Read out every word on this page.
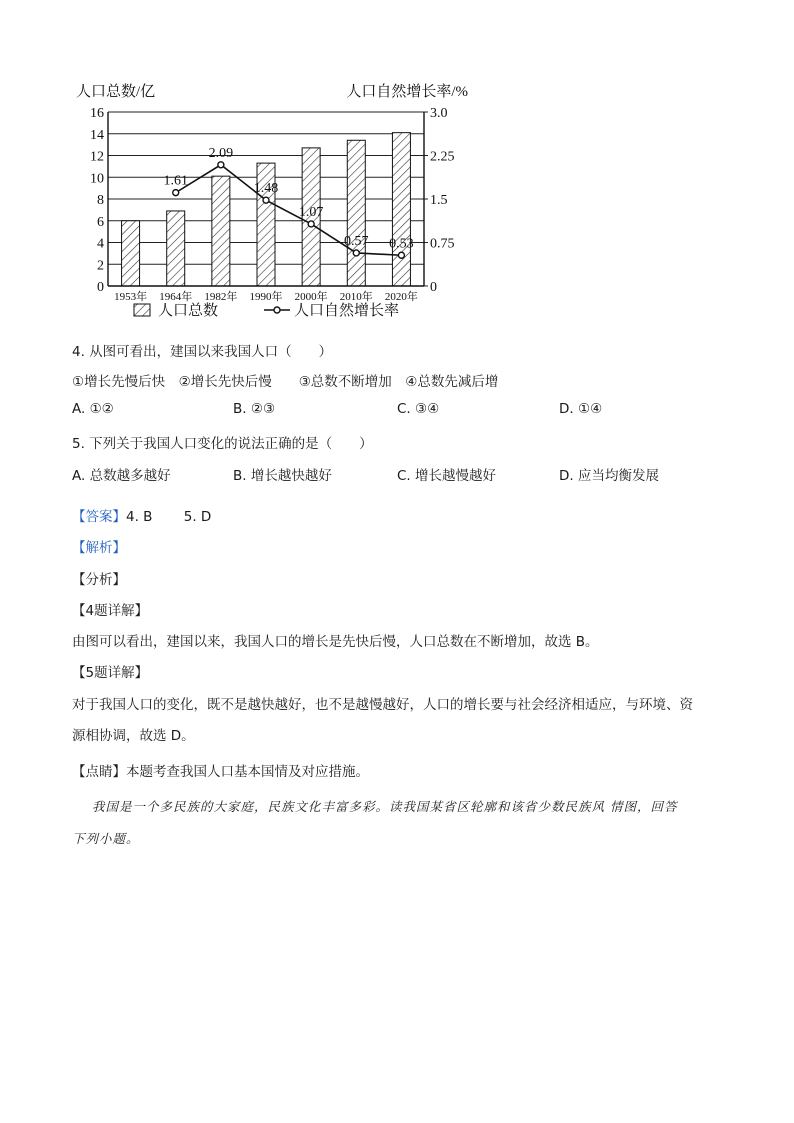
0
2
4
6
8
10
12
14
16
0
0.75
1.5
2.25
3.0
人口总数/亿	人口自然增长率/%
1953年 1964年 1982年 1990年 2000年 2010年 2020年
1.61
2.09
1.48
1.07
0.57 0.53
人口总数	人口自然增长率
4. 从图可看出，建国以来我国人口（　　）
①增长先慢后快　②增长先快后慢　　③总数不断增加　④总数先减后增
A. ①②	B. ②③	C. ③④	D. ①④
5. 下列关于我国人口变化的说法正确的是（　　）
A. 总数越多越好	B. 增长越快越好	C. 增长越慢越好	D. 应当均衡发展
【答案】4. B　　 5. D
【解析】
【分析】
【4题详解】
由图可以看出，建国以来，我国人口的增长是先快后慢，人口总数在不断增加，故选 B。
【5题详解】
对于我国人口的变化，既不是越快越好，也不是越慢越好，人口的增长要与社会经济相适应，与环境、资
源相协调，故选 D。
【点睛】本题考查我国人口基本国情及对应措施。
我国是一个多民族的大家庭，民族文化丰富多彩。读我国某省区轮廓和该省少数民族风 情图，回答
下列小题。
